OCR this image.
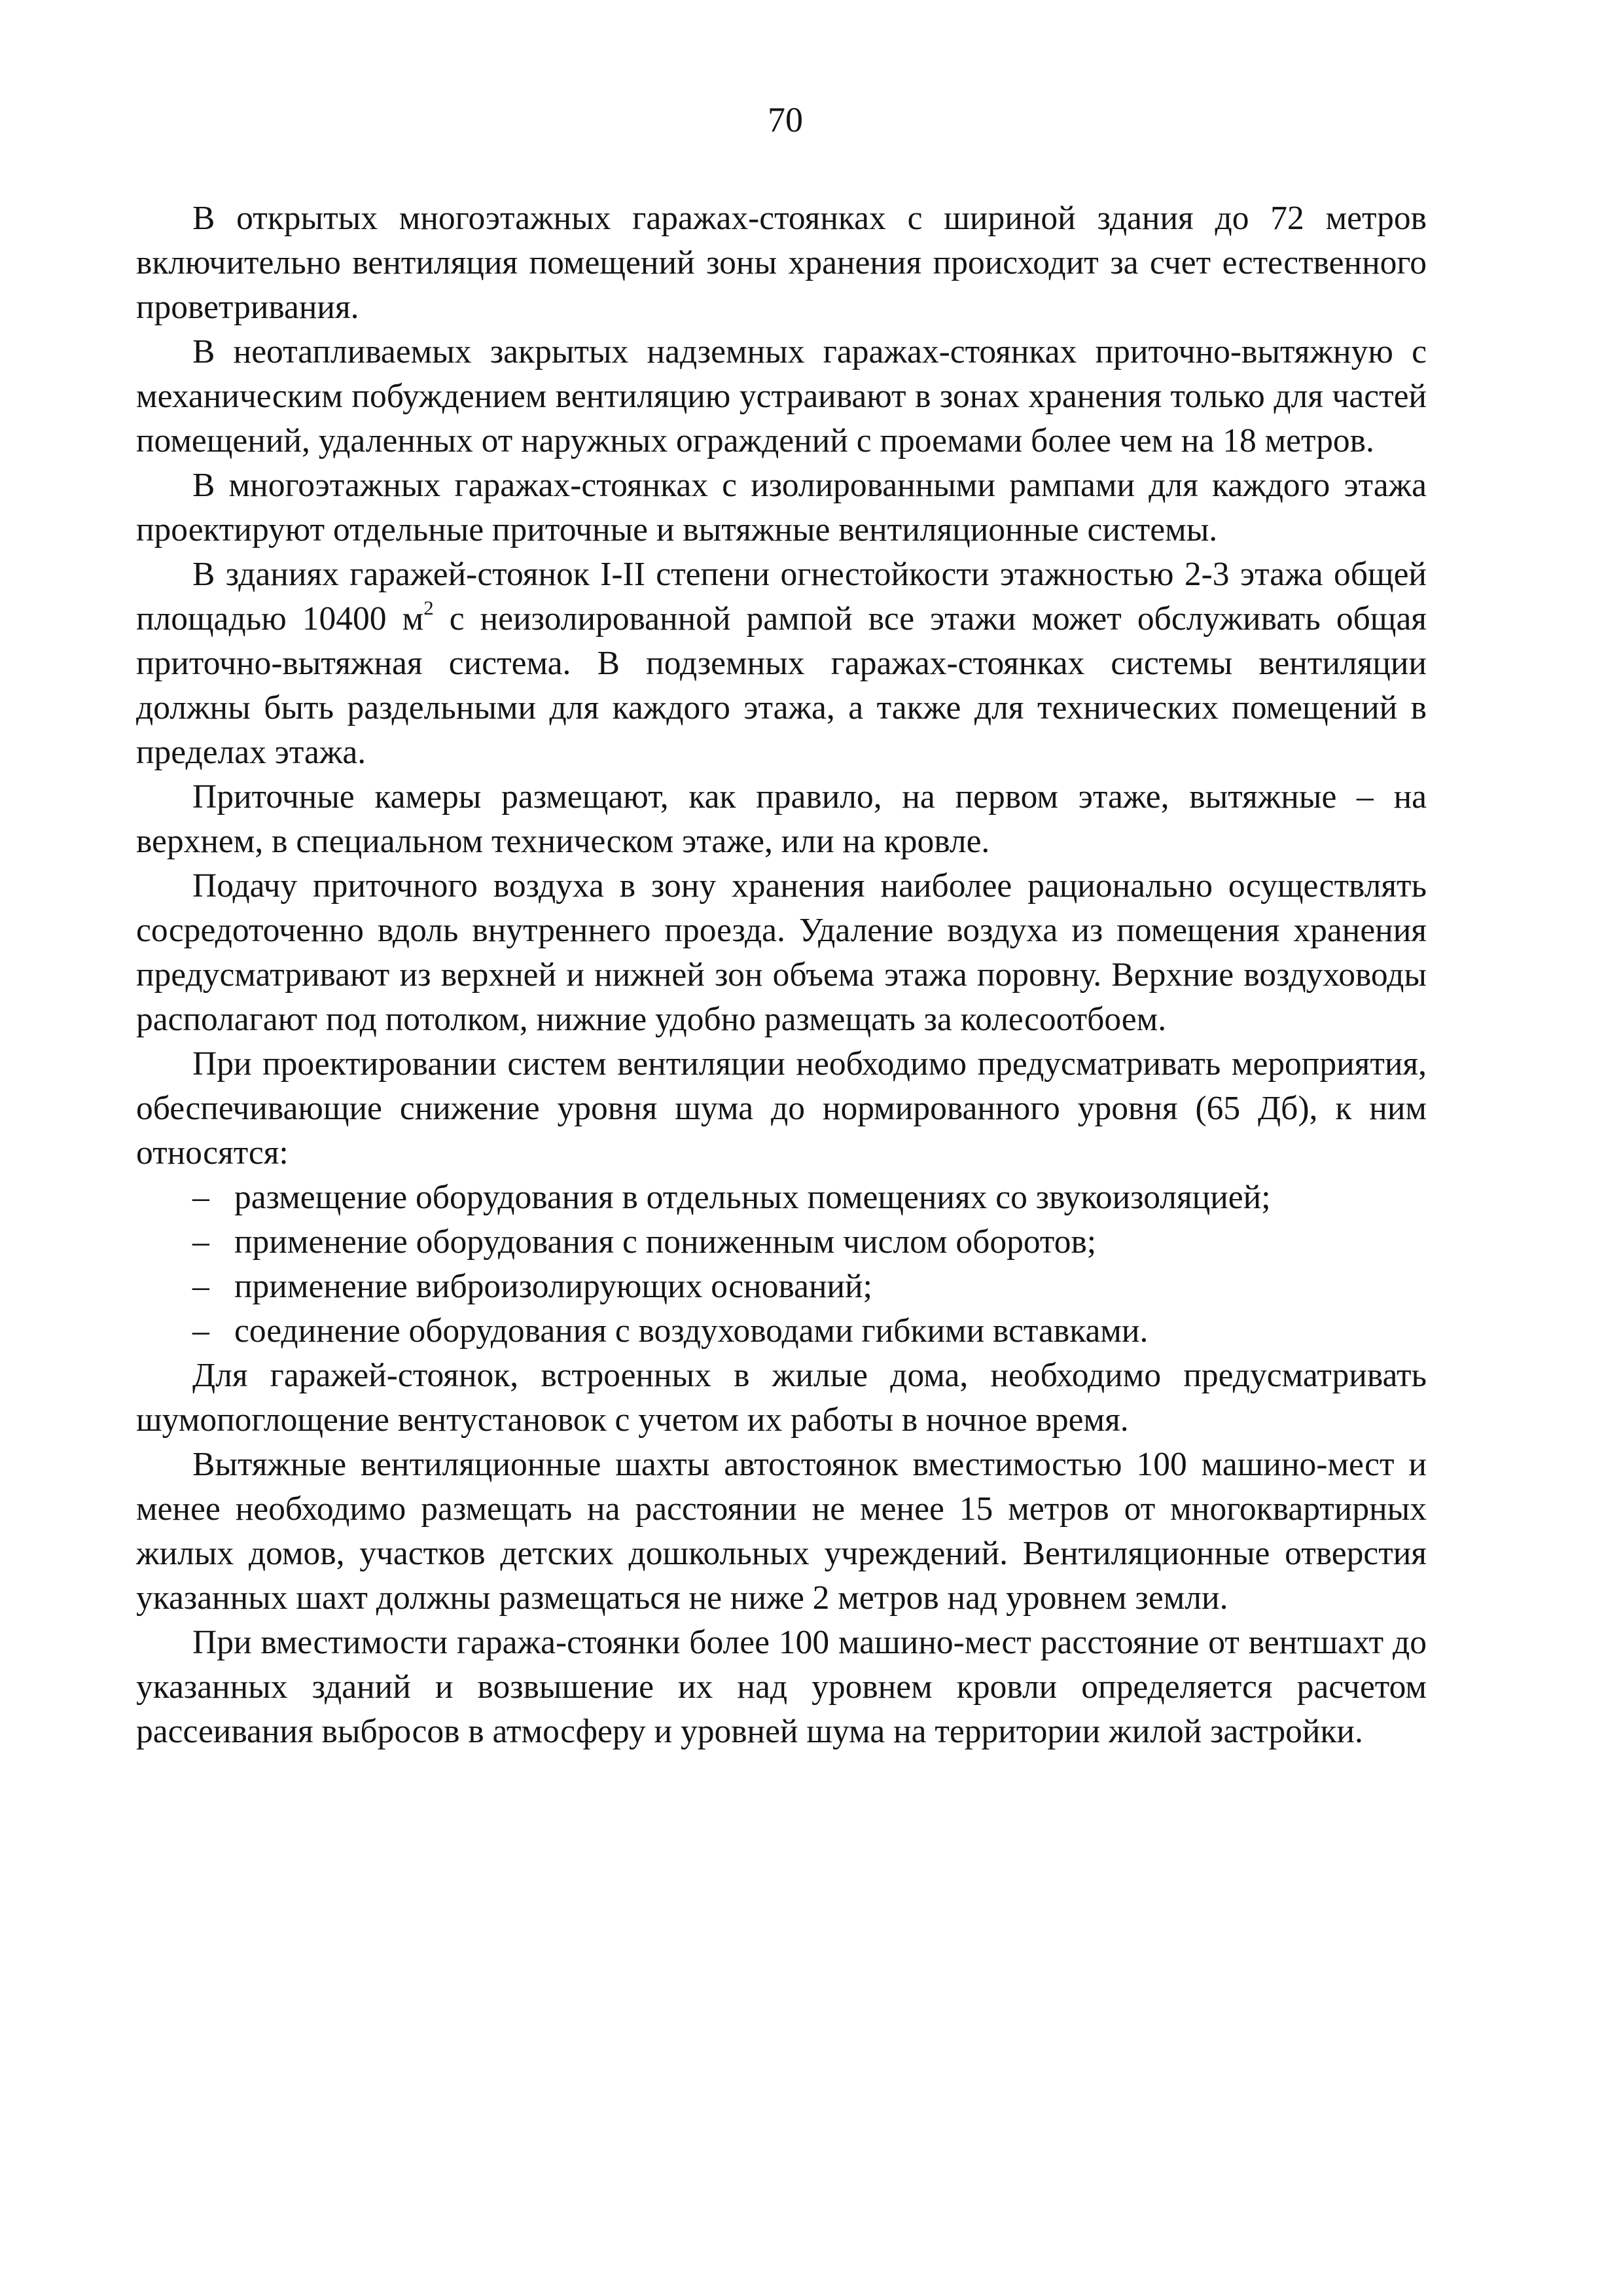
70

В открытых многоэтажных гаражах-стоянках с шириной здания до 72 метров включительно вентиляция помещений зоны хранения происходит за счет естественного проветривания.

В неотапливаемых закрытых надземных гаражах-стоянках приточно-вытяжную с механическим побуждением вентиляцию устраивают в зонах хранения только для частей помещений, удаленных от наружных ограждений с проемами более чем на 18 метров.

В многоэтажных гаражах-стоянках с изолированными рампами для каждого этажа проектируют отдельные приточные и вытяжные вентиляционные системы.

В зданиях гаражей-стоянок I-II степени огнестойкости этажностью 2-3 этажа общей площадью 10400 $м^2$ с неизолированной рампой все этажи может обслуживать общая приточно-вытяжная система. В подземных гаражах-стоянках системы вентиляции должны быть раздельными для каждого этажа, а также для технических помещений в пределах этажа.

Приточные камеры размещают, как правило, на первом этаже, вытяжные – на верхнем, в специальном техническом этаже, или на кровле.

Подачу приточного воздуха в зону хранения наиболее рационально осуществлять сосредоточенно вдоль внутреннего проезда. Удаление воздуха из помещения хранения предусматривают из верхней и нижней зон объема этажа поровну. Верхние воздуховоды располагают под потолком, нижние удобно размещать за колесоотбоем.

При проектировании систем вентиляции необходимо предусматривать мероприятия, обеспечивающие снижение уровня шума до нормированного уровня (65 Дб), к ним относятся:

– размещение оборудования в отдельных помещениях со звукоизоляцией;
– применение оборудования с пониженным числом оборотов;
– применение виброизолирующих оснований;
– соединение оборудования с воздуховодами гибкими вставками.

Для гаражей-стоянок, встроенных в жилые дома, необходимо предусматривать шумопоглощение вентустановок с учетом их работы в ночное время.

Вытяжные вентиляционные шахты автостоянок вместимостью 100 машино-мест и менее необходимо размещать на расстоянии не менее 15 метров от многоквартирных жилых домов, участков детских дошкольных учреждений. Вентиляционные отверстия указанных шахт должны размещаться не ниже 2 метров над уровнем земли.

При вместимости гаража-стоянки более 100 машино-мест расстояние от вентшахт до указанных зданий и возвышение их над уровнем кровли определяется расчетом рассеивания выбросов в атмосферу и уровней шума на территории жилой застройки.
